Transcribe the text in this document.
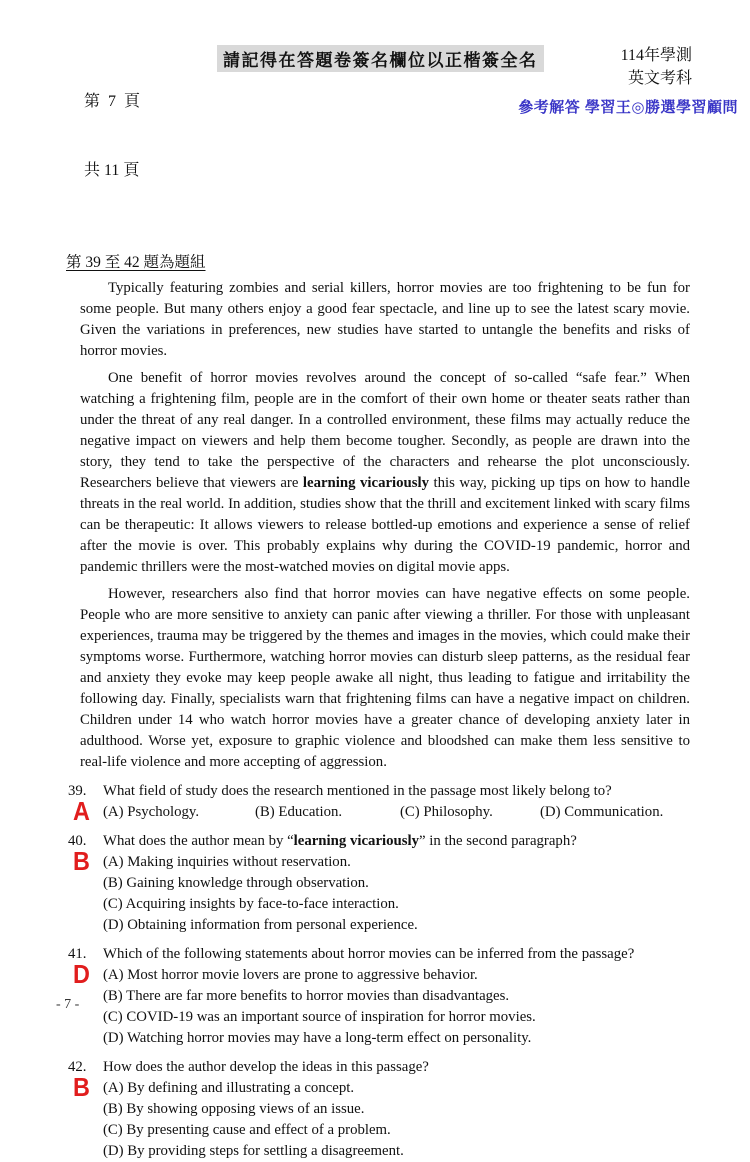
第  7  頁

共 11 頁

請記得在答題卷簽名欄位以正楷簽全名	114年學測
英文考科
參考解答 學習王◎勝選學習顧問
第 39 至 42 題為題組

Typically featuring zombies and serial killers, horror movies are too frightening to be fun for some people. But many others enjoy a good fear spectacle, and line up to see the latest scary movie. Given the variations in preferences, new studies have started to untangle the benefits and risks of horror movies.

One benefit of horror movies revolves around the concept of so-called “safe fear.” When watching a frightening film, people are in the comfort of their own home or theater seats rather than under the threat of any real danger. In a controlled environment, these films may actually reduce the negative impact on viewers and help them become tougher. Secondly, as people are drawn into the story, they tend to take the perspective of the characters and rehearse the plot unconsciously. Researchers believe that viewers are learning vicariously this way, picking up tips on how to handle threats in the real world. In addition, studies show that the thrill and excitement linked with scary films can be therapeutic: It allows viewers to release bottled-up emotions and experience a sense of relief after the movie is over. This probably explains why during the COVID-19 pandemic, horror and pandemic thrillers were the most-watched movies on digital movie apps.

However, researchers also find that horror movies can have negative effects on some people. People who are more sensitive to anxiety can panic after viewing a thriller. For those with unpleasant experiences, trauma may be triggered by the themes and images in the movies, which could make their symptoms worse. Furthermore, watching horror movies can disturb sleep patterns, as the residual fear and anxiety they evoke may keep people awake all night, thus leading to fatigue and irritability the following day. Finally, specialists warn that frightening films can have a negative impact on children. Children under 14 who watch horror movies have a greater chance of developing anxiety later in adulthood. Worse yet, exposure to graphic violence and bloodshed can make them less sensitive to real-life violence and more accepting of aggression.

39.	What field of study does the research mentioned in the passage most likely belong to?
A (A) Psychology.	(B) Education.	(C) Philosophy.	(D) Communication.
40.	What does the author mean by “learning vicariously” in the second paragraph?
B (A) Making inquiries without reservation.
(B) Gaining knowledge through observation.
(C) Acquiring insights by face-to-face interaction.
(D) Obtaining information from personal experience.
41.	Which of the following statements about horror movies can be inferred from the passage?
D (A) Most horror movie lovers are prone to aggressive behavior.
(B) There are far more benefits to horror movies than disadvantages.
(C) COVID-19 was an important source of inspiration for horror movies.
(D) Watching horror movies may have a long-term effect on personality.
42.	How does the author develop the ideas in this passage?
B (A) By defining and illustrating a concept.
(B) By showing opposing views of an issue.
(C) By presenting cause and effect of a problem.
(D) By providing steps for settling a disagreement.
- 7 -
